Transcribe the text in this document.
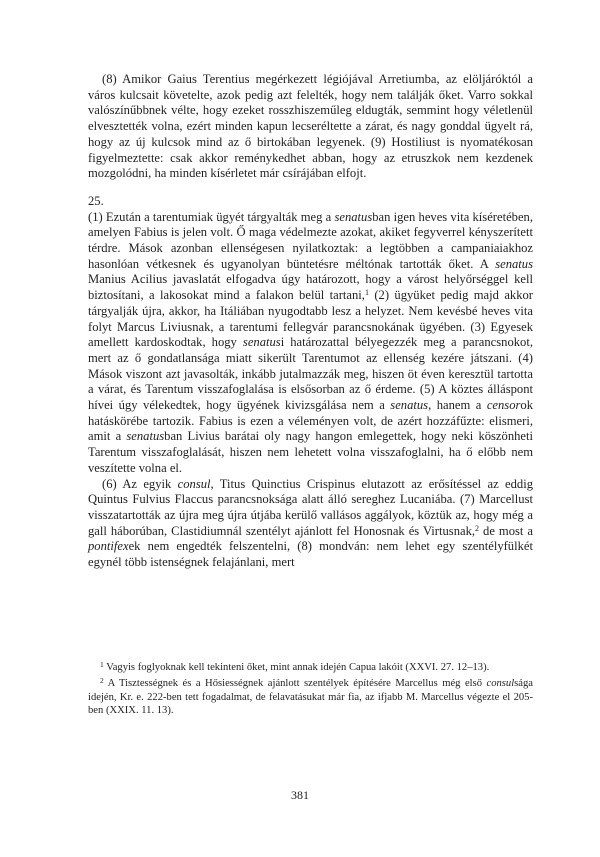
(8) Amikor Gaius Terentius megérkezett légiójával Arretiumba, az elöljáróktól a város kulcsait követelte, azok pedig azt felelték, hogy nem találják őket. Varro sokkal valószínűbbnek vélte, hogy ezeket rosszhiszeműleg eldugták, semmint hogy véletlenül elvesztették volna, ezért minden kapun lecseréltette a zárat, és nagy gonddal ügyelt rá, hogy az új kulcsok mind az ő birtokában legyenek. (9) Hostiliust is nyomatékosan figyelmeztette: csak akkor reménykedhet abban, hogy az etruszkok nem kezdenek mozgolódni, ha minden kísérletet már csírájában elfojt.

25.

(1) Ezután a tarentumiak ügyét tárgyalták meg a senatusban igen heves vita kíséretében, amelyen Fabius is jelen volt. Ő maga védelmezte azokat, akiket fegyverrel kényszerített térdre. Mások azonban ellenségesen nyilatkoztak: a legtöbben a campaniaiakhoz hasonlóan vétkesnek és ugyanolyan büntetésre méltónak tartották őket. A senatus Manius Acilius javaslatát elfogadva úgy határozott, hogy a várost helyőrséggel kell biztosítani, a lakosokat mind a falakon belül tartani,$^1$ (2) ügyüket pedig majd akkor tárgyalják újra, akkor, ha Itáliában nyugodtabb lesz a helyzet. Nem kevésbé heves vita folyt Marcus Liviusnak, a tarentumi fellegvár parancsnokának ügyében. (3) Egyesek amellett kardoskodtak, hogy senatusi határozattal bélyegezzék meg a parancsnokot, mert az ő gondatlansága miatt sikerült Tarentumot az ellenség kezére játszani. (4) Mások viszont azt javasolták, inkább jutalmazzák meg, hiszen öt éven keresztül tartotta a várat, és Tarentum visszafoglalása is elsősorban az ő érdeme. (5) A köztes álláspont hívei úgy vélekedtek, hogy ügyének kivizsgálása nem a senatus, hanem a censorok hatáskörébe tartozik. Fabius is ezen a véleményen volt, de azért hozzáfűzte: elismeri, amit a senatusban Livius barátai oly nagy hangon emlegettek, hogy neki köszönheti Tarentum visszafoglalását, hiszen nem lehetett volna visszafoglalni, ha ő előbb nem veszítette volna el.

(6) Az egyik consul, Titus Quinctius Crispinus elutazott az erősítéssel az eddig Quintus Fulvius Flaccus parancsnoksága alatt álló sereghez Lucaniába. (7) Marcellust visszatartották az újra meg újra útjába kerülő vallásos aggályok, köztük az, hogy még a gall háborúban, Clastidiumnál szentélyt ajánlott fel Honosnak és Virtusnak,$^2$ de most a pontifexek nem engedték felszentelni, (8) mondván: nem lehet egy szentélyfülkét egynél több istenségnek felajánlani, mert

$^1$ Vagyis foglyoknak kell tekinteni őket, mint annak idején Capua lakóit (XXVI. 27. 12–13).

$^2$ A Tisztességnek és a Hősiességnek ajánlott szentélyek építésére Marcellus még első consulsága idején, Kr. e. 222-ben tett fogadalmat, de felavatásukat már fia, az ifjabb M. Marcellus végezte el 205-ben (XXIX. 11. 13).

381
